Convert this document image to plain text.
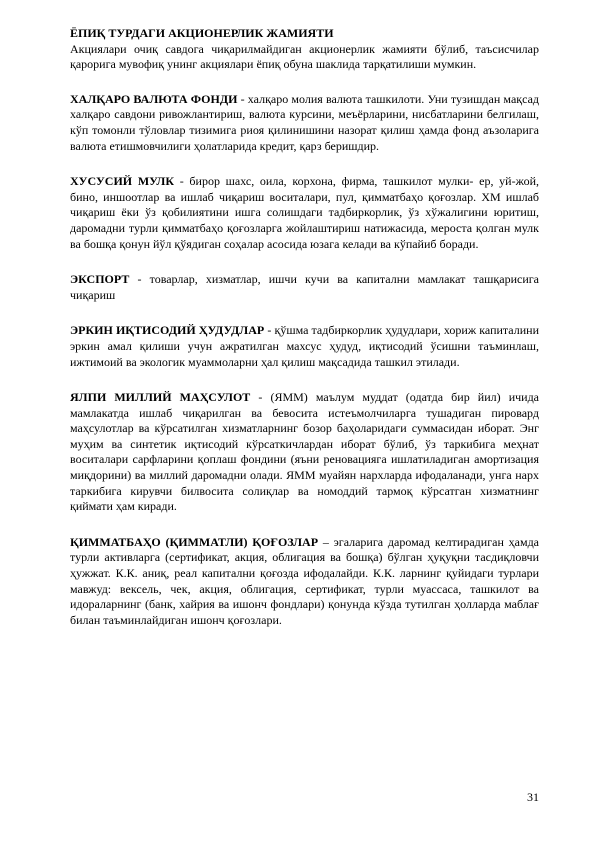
ЁПИҚ ТУРДАГИ АКЦИОНЕРЛИК ЖАМИЯТИ
Акциялари очиқ савдога чиқарилмайдиган акционерлик жамияти бўлиб, таъсисчилар қарорига мувофиқ унинг акциялари ёпиқ обуна шаклида тарқатилиши мумкин.

ХАЛҚАРО ВАЛЮТА ФОНДИ - халқаро молия валюта ташкилоти. Уни тузишдан мақсад халқаро савдони ривожлантириш, валюта курсини, меъёрларини, нисбатларини белгилаш, кўп томонли тўловлар тизимига риоя қилинишини назорат қилиш ҳамда фонд аъзоларига валюта етишмовчилиги ҳолатларида кредит, қарз беришдир.

ХУСУСИЙ МУЛК - бирор шахс, оила, корхона, фирма, ташкилот мулки- ер, уй-жой, бино, иншоотлар ва ишлаб чиқариш воситалари, пул, қимматбаҳо қоғозлар. ХМ ишлаб чиқариш ёки ўз қобилиятини ишга солишдаги тадбиркорлик, ўз хўжалигини юритиш, даромадни турли қимматбаҳо қоғозларга жойлаштириш натижасида, мероста қолган мулк ва бошқа қонун йўл қўядиган соҳалар асосида юзага келади ва кўпайиб боради.

ЭКСПОРТ - товарлар, хизматлар, ишчи кучи ва капитални мамлакат ташқарисига чиқариш

ЭРКИН ИҚТИСОДИЙ ҲУДУДЛАР - қўшма тадбиркорлик ҳудудлари, хориж капиталини эркин амал қилиши учун ажратилган махсус ҳудуд, иқтисодий ўсишни таъминлаш, ижтимоий ва экологик муаммоларни ҳал қилиш мақсадида ташкил этилади.

ЯЛПИ МИЛЛИЙ МАҲСУЛОТ - (ЯММ) маълум муддат (одатда бир йил) ичида мамлакатда ишлаб чиқарилган ва бевосита истеъмолчиларга тушадиган пировард маҳсулотлар ва кўрсатилган хизматларнинг бозор баҳоларидаги суммасидан иборат. Энг муҳим ва синтетик иқтисодий кўрсаткичлардан иборат бўлиб, ўз таркибига меҳнат воситалари сарфларини қоплаш фондини (яъни реновацияга ишлатиладиган амортизация миқдорини) ва миллий даромадни олади. ЯММ муайян нархларда ифодаланади, унга нарх таркибига кирувчи билвосита солиқлар ва номоддий тармоқ кўрсатган хизматнинг қиймати ҳам киради.

ҚИММАТБАҲО (ҚИММАТЛИ) ҚОҒОЗЛАР – эгаларига даромад келтирадиган ҳамда турли активларга (сертификат, акция, облигация ва бошқа) бўлган ҳуқуқни тасдиқловчи ҳужжат. К.К. аниқ, реал капитални қоғозда ифодалайди. К.К. ларнинг қуйидаги турлари мавжуд: вексель, чек, акция, облигация, сертификат, турли муассаса, ташкилот ва идораларнинг (банк, хайрия ва ишонч фондлари) қонунда кўзда тутилган ҳолларда маблағ билан таъминлайдиган ишонч қоғозлари.

31
